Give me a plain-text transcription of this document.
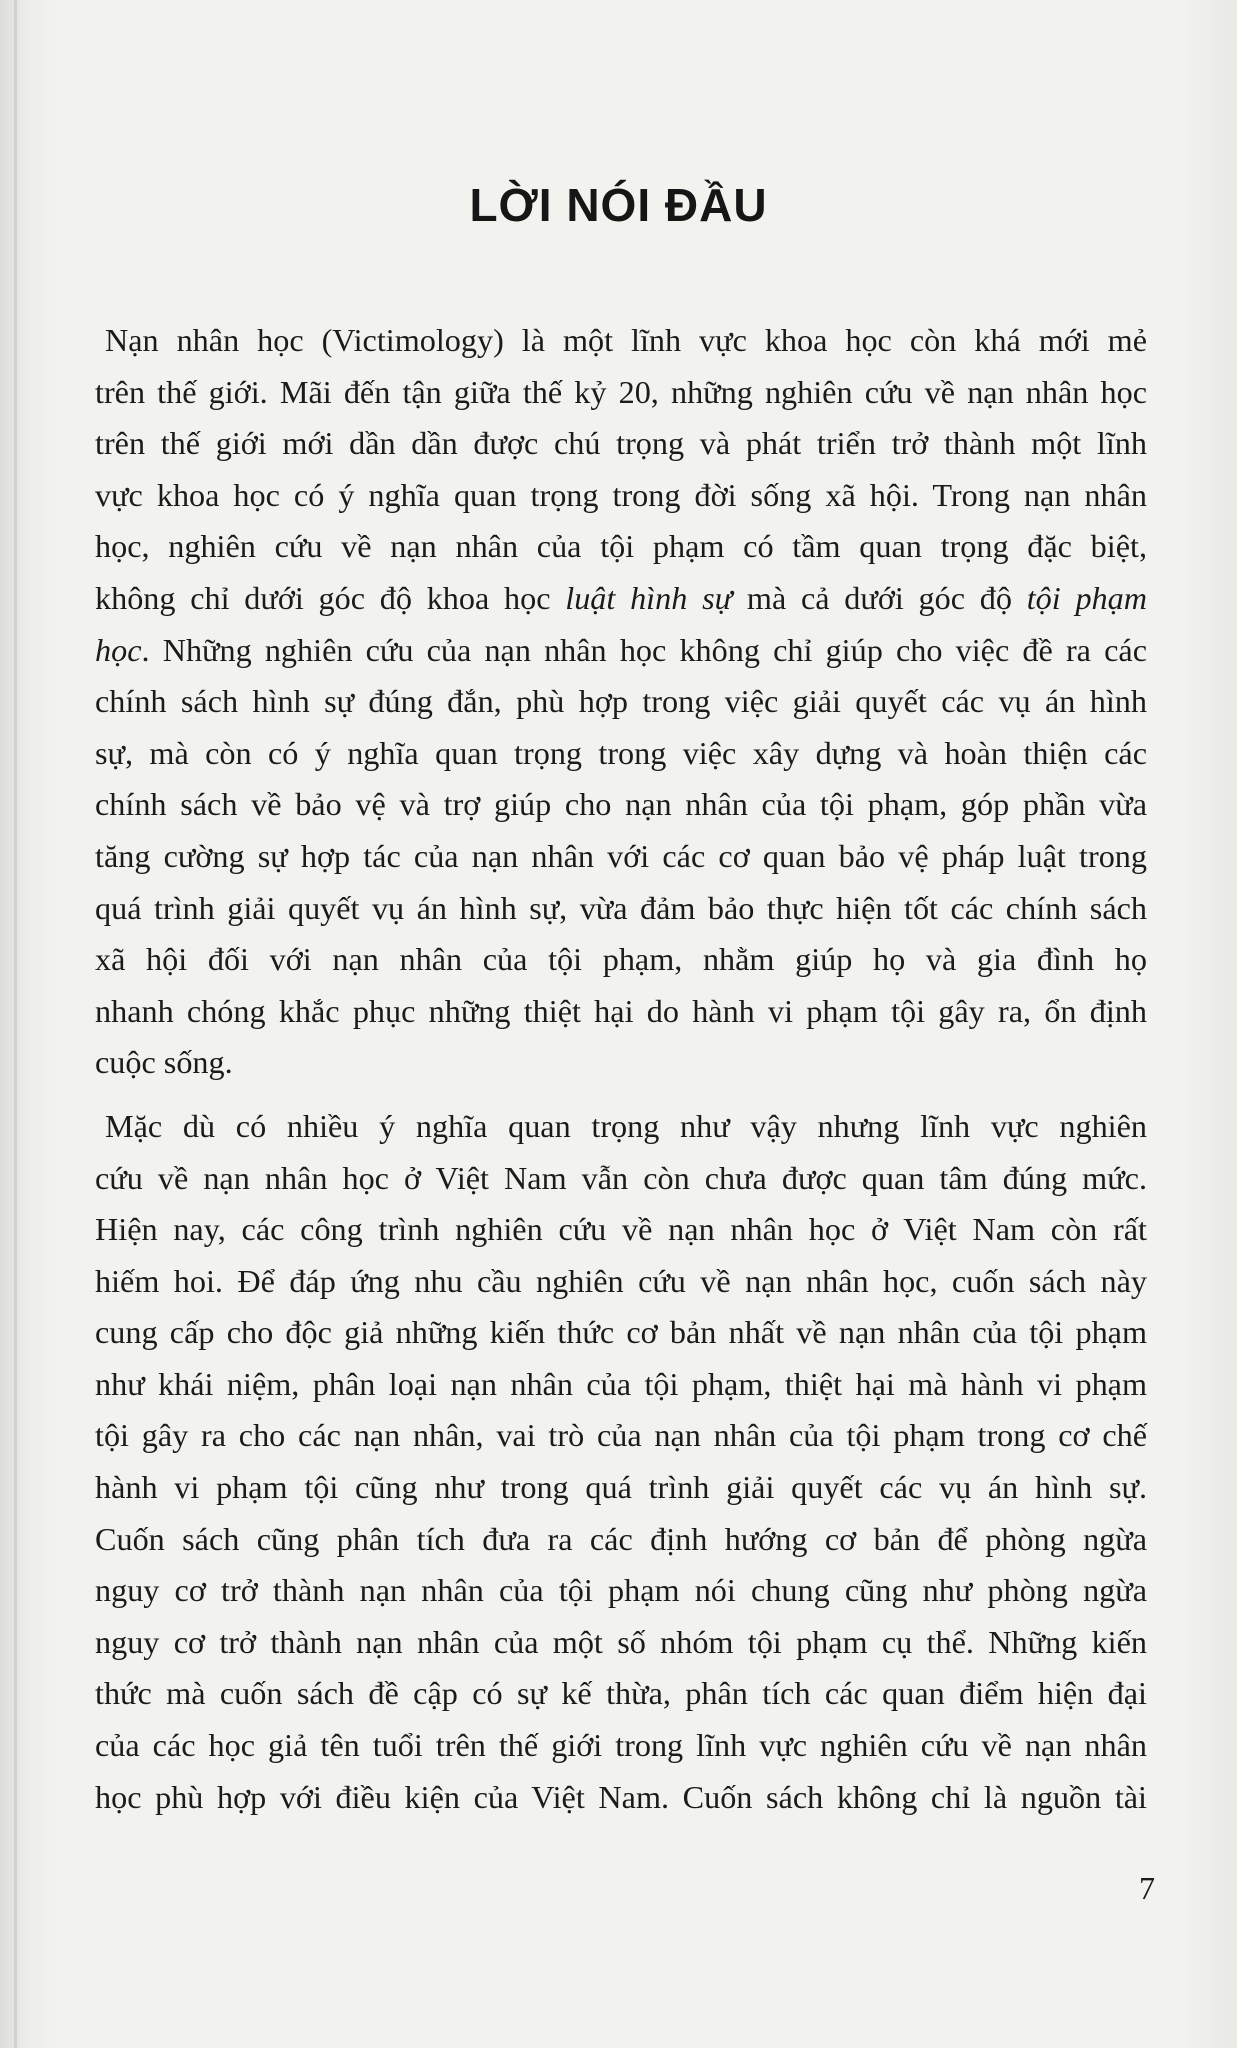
LỜI NÓI ĐẦU

Nạn nhân học (Victimology) là một lĩnh vực khoa học còn khá mới mẻ
trên thế giới. Mãi đến tận giữa thế kỷ 20, những nghiên cứu về nạn nhân học
trên thế giới mới dần dần được chú trọng và phát triển trở thành một lĩnh
vực khoa học có ý nghĩa quan trọng trong đời sống xã hội. Trong nạn nhân
học, nghiên cứu về nạn nhân của tội phạm có tầm quan trọng đặc biệt,
không chỉ dưới góc độ khoa học luật hình sự mà cả dưới góc độ tội phạm
học. Những nghiên cứu của nạn nhân học không chỉ giúp cho việc đề ra các
chính sách hình sự đúng đắn, phù hợp trong việc giải quyết các vụ án hình
sự, mà còn có ý nghĩa quan trọng trong việc xây dựng và hoàn thiện các
chính sách về bảo vệ và trợ giúp cho nạn nhân của tội phạm, góp phần vừa
tăng cường sự hợp tác của nạn nhân với các cơ quan bảo vệ pháp luật trong
quá trình giải quyết vụ án hình sự, vừa đảm bảo thực hiện tốt các chính sách
xã hội đối với nạn nhân của tội phạm, nhằm giúp họ và gia đình họ
nhanh chóng khắc phục những thiệt hại do hành vi phạm tội gây ra, ổn định
cuộc sống.

Mặc dù có nhiều ý nghĩa quan trọng như vậy nhưng lĩnh vực nghiên
cứu về nạn nhân học ở Việt Nam vẫn còn chưa được quan tâm đúng mức.
Hiện nay, các công trình nghiên cứu về nạn nhân học ở Việt Nam còn rất
hiếm hoi. Để đáp ứng nhu cầu nghiên cứu về nạn nhân học, cuốn sách này
cung cấp cho độc giả những kiến thức cơ bản nhất về nạn nhân của tội phạm
như khái niệm, phân loại nạn nhân của tội phạm, thiệt hại mà hành vi phạm
tội gây ra cho các nạn nhân, vai trò của nạn nhân của tội phạm trong cơ chế
hành vi phạm tội cũng như trong quá trình giải quyết các vụ án hình sự.
Cuốn sách cũng phân tích đưa ra các định hướng cơ bản để phòng ngừa
nguy cơ trở thành nạn nhân của tội phạm nói chung cũng như phòng ngừa
nguy cơ trở thành nạn nhân của một số nhóm tội phạm cụ thể. Những kiến
thức mà cuốn sách đề cập có sự kế thừa, phân tích các quan điểm hiện đại
của các học giả tên tuổi trên thế giới trong lĩnh vực nghiên cứu về nạn nhân
học phù hợp với điều kiện của Việt Nam. Cuốn sách không chỉ là nguồn tài

7
